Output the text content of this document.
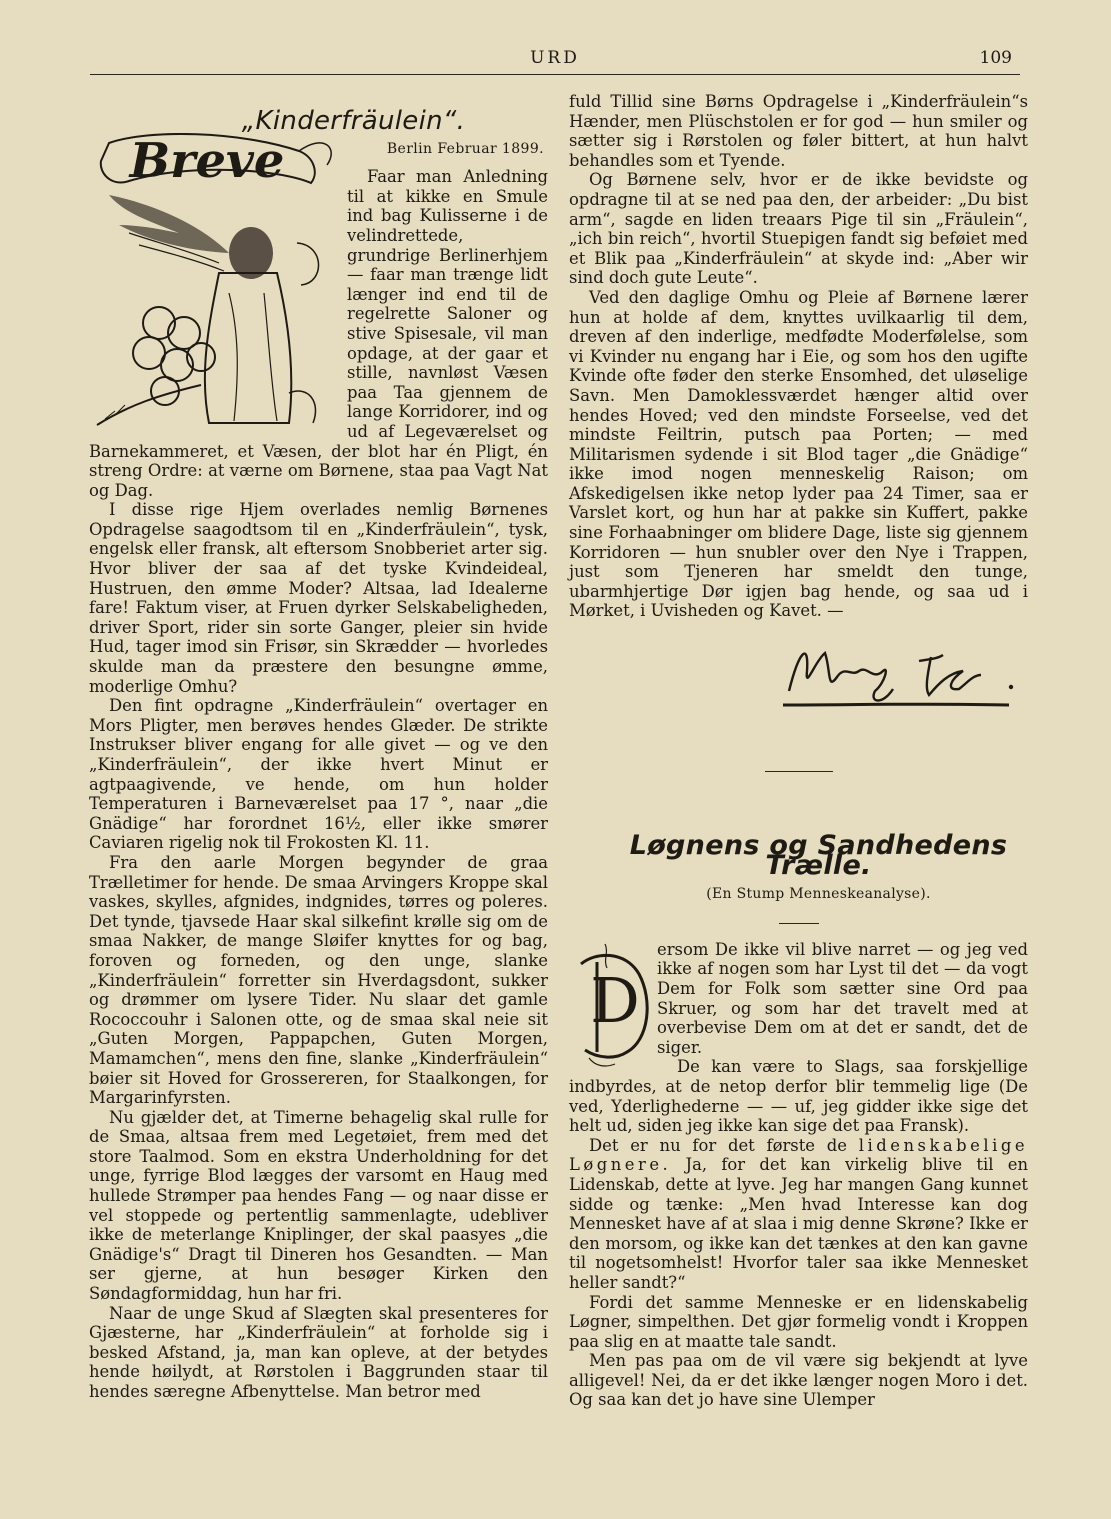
URD	109
„Kinderfräulein“.
Berlin Februar 1899.
Breve	Faar man Anledning til at kikke en Smule ind bag Kulisserne i de velindrettede, grundrige Berlinerhjem — faar man trænge lidt længer ind end til de regelrette Saloner og stive Spisesale, vil man opdage, at der gaar et stille, navnløst Væsen paa Taa gjennem de lange Korridorer, ind og ud af Legeværelset og Barnekammeret, et Væsen, der blot har én Pligt, én streng Ordre: at værne om Børnene, staa paa Vagt Nat og Dag.

I disse rige Hjem overlades nemlig Børnenes Opdragelse saagodtsom til en „Kinderfräulein“, tysk, engelsk eller fransk, alt eftersom Snobberiet arter sig. Hvor bliver der saa af det tyske Kvindeideal, Hustruen, den ømme Moder? Altsaa, lad Idealerne fare! Faktum viser, at Fruen dyrker Selskabeligheden, driver Sport, rider sin sorte Ganger, pleier sin hvide Hud, tager imod sin Frisør, sin Skrædder — hvorledes skulde man da præstere den besungne ømme, moderlige Omhu?

Den fint opdragne „Kinderfräulein“ overtager en Mors Pligter, men berøves hendes Glæder. De strikte Instrukser bliver engang for alle givet — og ve den „Kinderfräulein“, der ikke hvert Minut er agtpaagivende, ve hende, om hun holder Temperaturen i Barneværelset paa 17 °, naar „die Gnädige“ har forordnet 16½, eller ikke smører Caviaren rigelig nok til Frokosten Kl. 11.

Fra den aarle Morgen begynder de graa Trælletimer for hende. De smaa Arvingers Kroppe skal vaskes, skylles, afgnides, indgnides, tørres og poleres. Det tynde, tjavsede Haar skal silkefint krølle sig om de smaa Nakker, de mange Sløifer knyttes for og bag, foroven og forneden, og den unge, slanke „Kinderfräulein“ forretter sin Hverdagsdont, sukker og drømmer om lysere Tider. Nu slaar det gamle Rococcouhr i Salonen otte, og de smaa skal neie sit „Guten Morgen, Pappapchen, Guten Morgen, Mamamchen“, mens den fine, slanke „Kinderfräulein“ bøier sit Hoved for Grossereren, for Staalkongen, for Margarinfyrsten.

Nu gjælder det, at Timerne behagelig skal rulle for de Smaa, altsaa frem med Legetøiet, frem med det store Taalmod. Som en ekstra Underholdning for det unge, fyrrige Blod lægges der varsomt en Haug med hullede Strømper paa hendes Fang — og naar disse er vel stoppede og pertentlig sammenlagte, udebliver ikke de meterlange Kniplinger, der skal paasyes „die Gnädige's“ Dragt til Dineren hos Gesandten. — Man ser gjerne, at hun besøger Kirken den Søndagformiddag, hun har fri.

Naar de unge Skud af Slægten skal presenteres for Gjæsterne, har „Kinderfräulein“ at forholde sig i besked Afstand, ja, man kan opleve, at der betydes hende høilydt, at Rørstolen i Baggrunden staar til hendes særegne Afbenyttelse. Man betror med

fuld Tillid sine Børns Opdragelse i „Kinderfräulein“s Hænder, men Plüschstolen er for god — hun smiler og sætter sig i Rørstolen og føler bittert, at hun halvt behandles som et Tyende.

Og Børnene selv, hvor er de ikke bevidste og opdragne til at se ned paa den, der arbeider: „Du bist arm“, sagde en liden treaars Pige til sin „Fräulein“, „ich bin reich“, hvortil Stuepigen fandt sig beføiet med et Blik paa „Kinderfräulein“ at skyde ind: „Aber wir sind doch gute Leute“.

Ved den daglige Omhu og Pleie af Børnene lærer hun at holde af dem, knyttes uvilkaarlig til dem, dreven af den inderlige, medfødte Moderfølelse, som vi Kvinder nu engang har i Eie, og som hos den ugifte Kvinde ofte føder den sterke Ensomhed, det uløselige Savn. Men Damoklessværdet hænger altid over hendes Hoved; ved den mindste Forseelse, ved det mindste Feiltrin, putsch paa Porten; — med Militarismen sydende i sit Blod tager „die Gnädige“ ikke imod nogen menneskelig Raison; om Afskedigelsen ikke netop lyder paa 24 Timer, saa er Varslet kort, og hun har at pakke sin Kuffert, pakke sine Forhaabninger om blidere Dage, liste sig gjennem Korridoren — hun snubler over den Nye i Trappen, just som Tjeneren har smeldt den tunge, ubarmhjertige Dør igjen bag hende, og saa ud i Mørket, i Uvisheden og Kavet. —

Løgnens og Sandhedens Trælle.
(En Stump Menneskeanalyse).
D

ersom De ikke vil blive narret — og jeg ved ikke af nogen som har Lyst til det — da vogt Dem for Folk som sætter sine Ord paa Skruer, og som har det travelt med at overbevise Dem om at det er sandt, det de siger.

De kan være to Slags, saa forskjellige indbyrdes, at de netop derfor blir temmelig lige (De ved, Yderlighederne — — uf, jeg gidder ikke sige det helt ud, siden jeg ikke kan sige det paa Fransk).

Det er nu for det første de lidenskabelige Løgnere. Ja, for det kan virkelig blive til en Lidenskab, dette at lyve. Jeg har mangen Gang kunnet sidde og tænke: „Men hvad Interesse kan dog Mennesket have af at slaa i mig denne Skrøne? Ikke er den morsom, og ikke kan det tænkes at den kan gavne til nogetsomhelst! Hvorfor taler saa ikke Mennesket heller sandt?“

Fordi det samme Menneske er en lidenskabelig Løgner, simpelthen. Det gjør formelig vondt i Kroppen paa slig en at maatte tale sandt.

Men pas paa om de vil være sig bekjendt at lyve alligevel! Nei, da er det ikke længer nogen Moro i det. Og saa kan det jo have sine Ulemper
